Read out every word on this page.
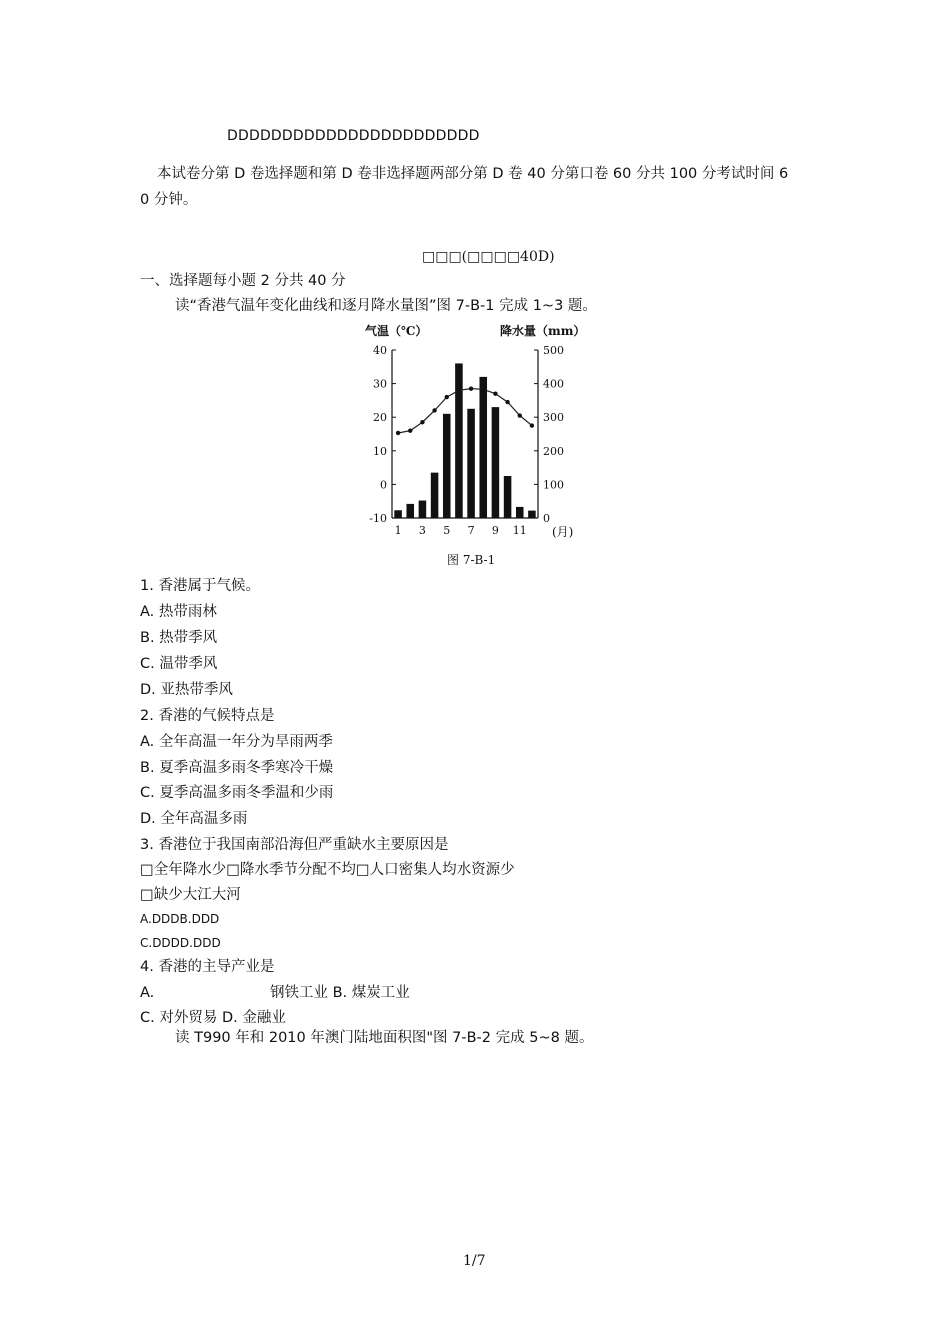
DDDDDDDDDDDDDDDDDDDDDDD
本试卷分第 D 卷选择题和第 D 卷非选择题两部分第 D 卷 40 分第口卷 60 分共 100 分考试时间 6
0 分钟。
□□□(□□□□40D)
一、选择题每小题 2 分共 40 分
读“香港气温年变化曲线和逐月降水量图”图 7-B-1 完成 1~3 题。
气温（℃）	降水量（mm）
40
30
20
10
0
-10
500
400
300
200
100
0
1 3 5 7 9 11 (月)
图 7-B-1
1. 香港属于气候。
A. 热带雨林
B. 热带季风
C. 温带季风
D. 亚热带季风
2. 香港的气候特点是
A. 全年高温一年分为旱雨两季
B. 夏季高温多雨冬季寒冷干燥
C. 夏季高温多雨冬季温和少雨
D. 全年高温多雨
3. 香港位于我国南部沿海但严重缺水主要原因是
□全年降水少□降水季节分配不均□人口密集人均水资源少
□缺少大江大河
A.DDDB.DDD
C.DDDD.DDD
4. 香港的主导产业是
A.	钢铁工业 B. 煤炭工业
C. 对外贸易 D. 金融业
读 T990 年和 2010 年澳门陆地面积图"图 7-B-2 完成 5~8 题。
1/7
